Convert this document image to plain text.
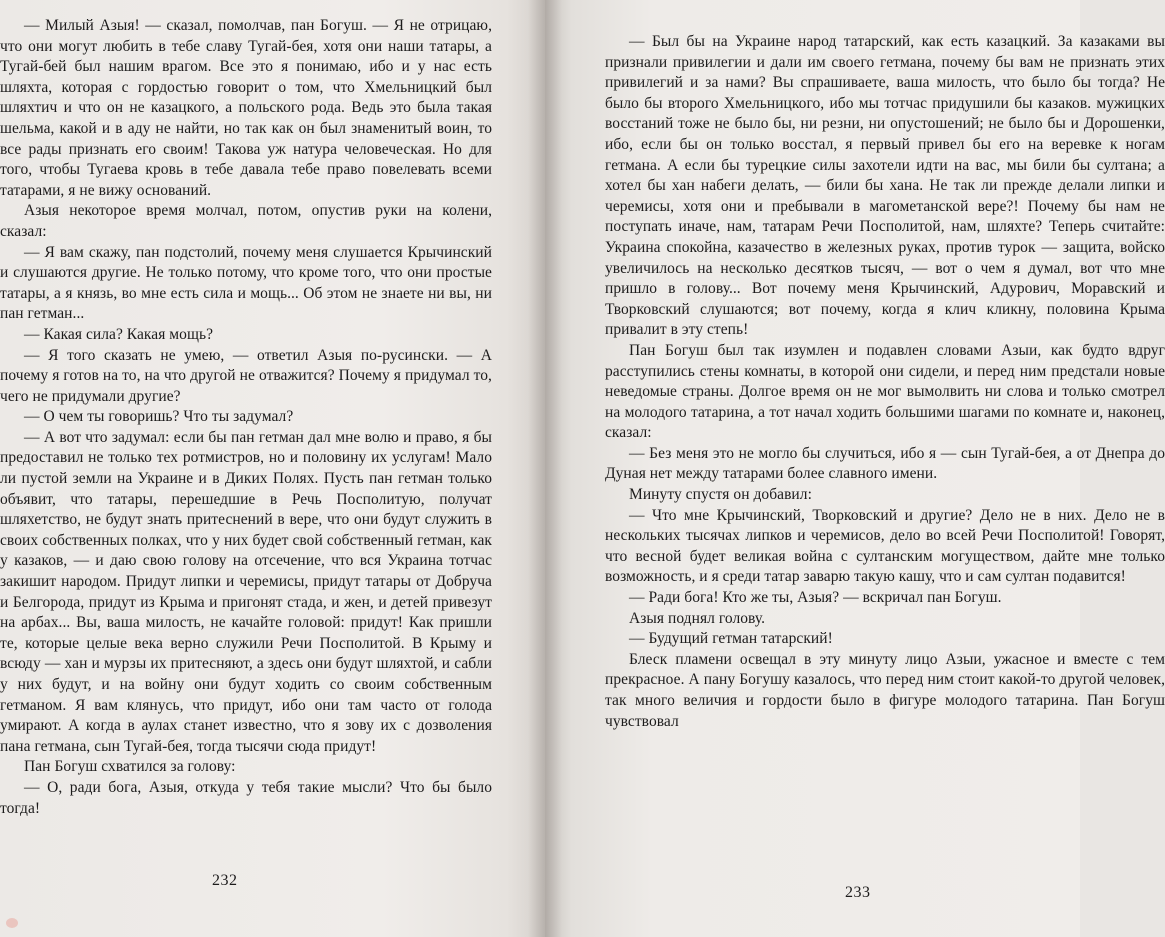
— Милый Азыя! — сказал, помолчав, пан Богуш. — Я не отрицаю, что они могут любить в тебе славу Тугай-бея, хотя они наши татары, а Тугай-бей был нашим врагом. Все это я понимаю, ибо и у нас есть шляхта, которая с гордостью говорит о том, что Хмельницкий был шляхтич и что он не казацкого, а польского рода. Ведь это была такая шельма, какой и в аду не найти, но так как он был знаменитый воин, то все рады признать его своим! Такова уж натура человеческая. Но для того, чтобы Тугаева кровь в тебе давала тебе право повелевать всеми татарами, я не вижу оснований.

Азыя некоторое время молчал, потом, опустив руки на колени, сказал:

— Я вам скажу, пан подстолий, почему меня слушается Крычинский и слушаются другие. Не только потому, что кроме того, что они простые татары, а я князь, во мне есть сила и мощь... Об этом не знаете ни вы, ни пан гетман...

— Какая сила? Какая мощь?

— Я того сказать не умею, — ответил Азыя по-русински. — А почему я готов на то, на что другой не отважится? Почему я придумал то, чего не придумали другие?

— О чем ты говоришь? Что ты задумал?

— А вот что задумал: если бы пан гетман дал мне волю и право, я бы предоставил не только тех ротмистров, но и половину их услугам! Мало ли пустой земли на Украине и в Диких Полях. Пусть пан гетман только объявит, что татары, перешедшие в Речь Посполитую, получат шляхетство, не будут знать притеснений в вере, что они будут служить в своих собственных полках, что у них будет свой собственный гетман, как у казаков, — и даю свою голову на отсечение, что вся Украина тотчас закишит народом. Придут липки и черемисы, придут татары от Добруча и Белгорода, придут из Крыма и пригонят стада, и жен, и детей привезут на арбах... Вы, ваша милость, не качайте головой: придут! Как пришли те, которые целые века верно служили Речи Посполитой. В Крыму и всюду — хан и мурзы их притесняют, а здесь они будут шляхтой, и сабли у них будут, и на войну они будут ходить со своим собственным гетманом. Я вам клянусь, что придут, ибо они там часто от голода умирают. А когда в аулах станет известно, что я зову их с дозволения пана гетмана, сын Тугай-бея, тогда тысячи сюда придут!

Пан Богуш схватился за голову:

— О, ради бога, Азыя, откуда у тебя такие мысли? Что бы было тогда!

232

— Был бы на Украине народ татарский, как есть казацкий. За казаками вы признали привилегии и дали им своего гетмана, почему бы вам не признать этих привилегий и за нами? Вы спрашиваете, ваша милость, что было бы тогда? Не было бы второго Хмельницкого, ибо мы тотчас придушили бы казаков. мужицких восстаний тоже не было бы, ни резни, ни опустошений; не было бы и Дорошенки, ибо, если бы он только восстал, я первый привел бы его на веревке к ногам гетмана. А если бы турецкие силы захотели идти на вас, мы били бы султана; а хотел бы хан набеги делать, — били бы хана. Не так ли прежде делали липки и черемисы, хотя они и пребывали в магометанской вере?! Почему бы нам не поступать иначе, нам, татарам Речи Посполитой, нам, шляхте? Теперь считайте: Украина спокойна, казачество в железных руках, против турок — защита, войско увеличилось на несколько десятков тысяч, — вот о чем я думал, вот что мне пришло в голову... Вот почему меня Крычинский, Адурович, Моравский и Творковский слушаются; вот почему, когда я клич кликну, половина Крыма привалит в эту степь!

Пан Богуш был так изумлен и подавлен словами Азыи, как будто вдруг расступились стены комнаты, в которой они сидели, и перед ним предстали новые неведомые страны. Долгое время он не мог вымолвить ни слова и только смотрел на молодого татарина, а тот начал ходить большими шагами по комнате и, наконец, сказал:

— Без меня это не могло бы случиться, ибо я — сын Тугай-бея, а от Днепра до Дуная нет между татарами более славного имени.

Минуту спустя он добавил:

— Что мне Крычинский, Творковский и другие? Дело не в них. Дело не в нескольких тысячах липков и черемисов, дело во всей Речи Посполитой! Говорят, что весной будет великая война с султанским могуществом, дайте мне только возможность, и я среди татар заварю такую кашу, что и сам султан подавится!

— Ради бога! Кто же ты, Азыя? — вскричал пан Богуш.

Азыя поднял голову.

— Будущий гетман татарский!

Блеск пламени освещал в эту минуту лицо Азыи, ужасное и вместе с тем прекрасное. А пану Богушу казалось, что перед ним стоит какой-то другой человек, так много величия и гордости было в фигуре молодого татарина. Пан Богуш чувствовал

233
